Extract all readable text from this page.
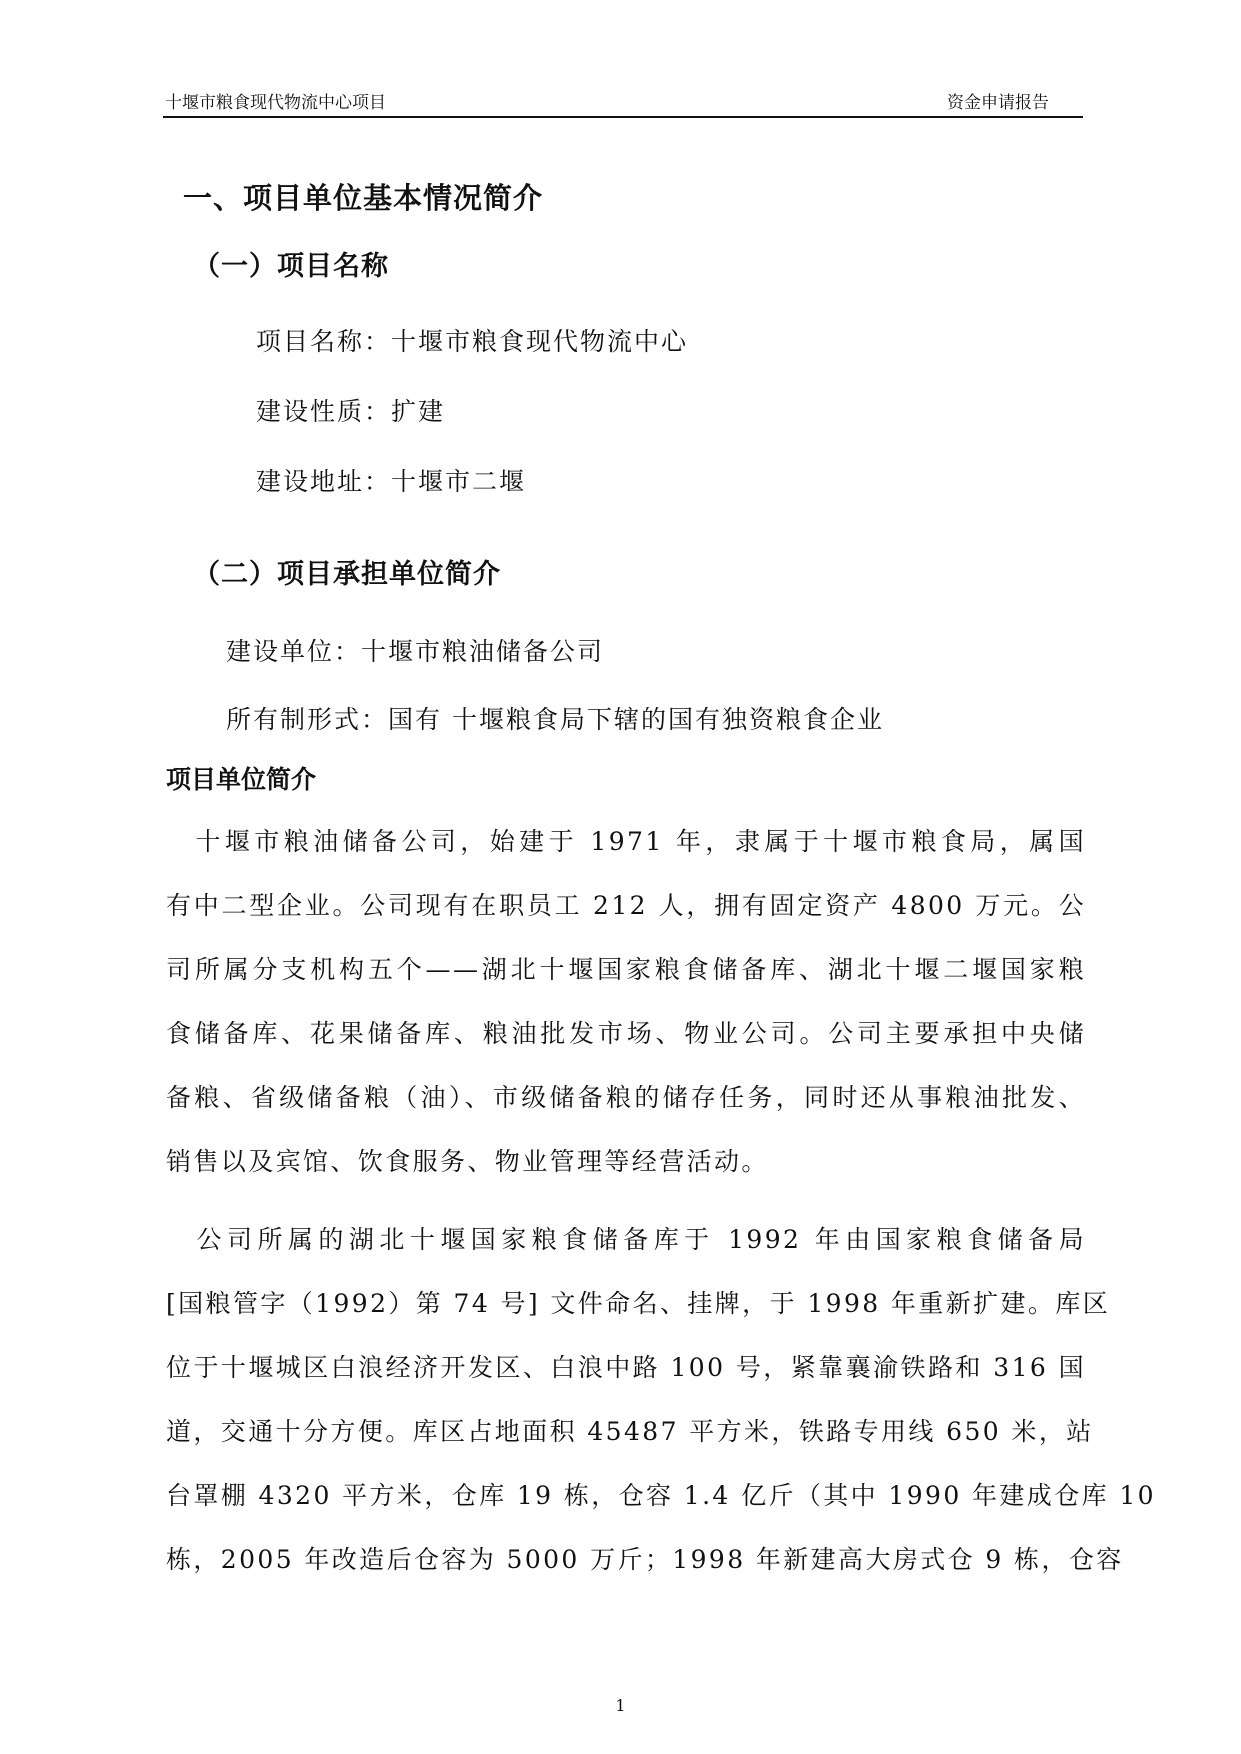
十堰市粮食现代物流中心项目	资金申请报告
一、项目单位基本情况简介
（一）项目名称
项目名称：十堰市粮食现代物流中心
建设性质：扩建
建设地址：十堰市二堰
（二）项目承担单位简介
建设单位：十堰市粮油储备公司
所有制形式：国有 十堰粮食局下辖的国有独资粮食企业
项目单位简介
　十堰市粮油储备公司，始建于 1971 年，隶属于十堰市粮食局，属国
有中二型企业。公司现有在职员工 212 人，拥有固定资产 4800 万元。公
司所属分支机构五个——湖北十堰国家粮食储备库、湖北十堰二堰国家粮
食储备库、花果储备库、粮油批发市场、物业公司。公司主要承担中央储
备粮、省级储备粮（油）、市级储备粮的储存任务，同时还从事粮油批发、
销售以及宾馆、饮食服务、物业管理等经营活动。
　公司所属的湖北十堰国家粮食储备库于 1992 年由国家粮食储备局
[国粮管字（1992）第 74 号] 文件命名、挂牌，于 1998 年重新扩建。库区
位于十堰城区白浪经济开发区、白浪中路 100 号，紧靠襄渝铁路和 316 国
道，交通十分方便。库区占地面积 45487 平方米，铁路专用线 650 米，站
台罩棚 4320 平方米，仓库 19 栋，仓容 1.4 亿斤（其中 1990 年建成仓库 10
栋，2005 年改造后仓容为 5000 万斤；1998 年新建高大房式仓 9 栋，仓容
1
